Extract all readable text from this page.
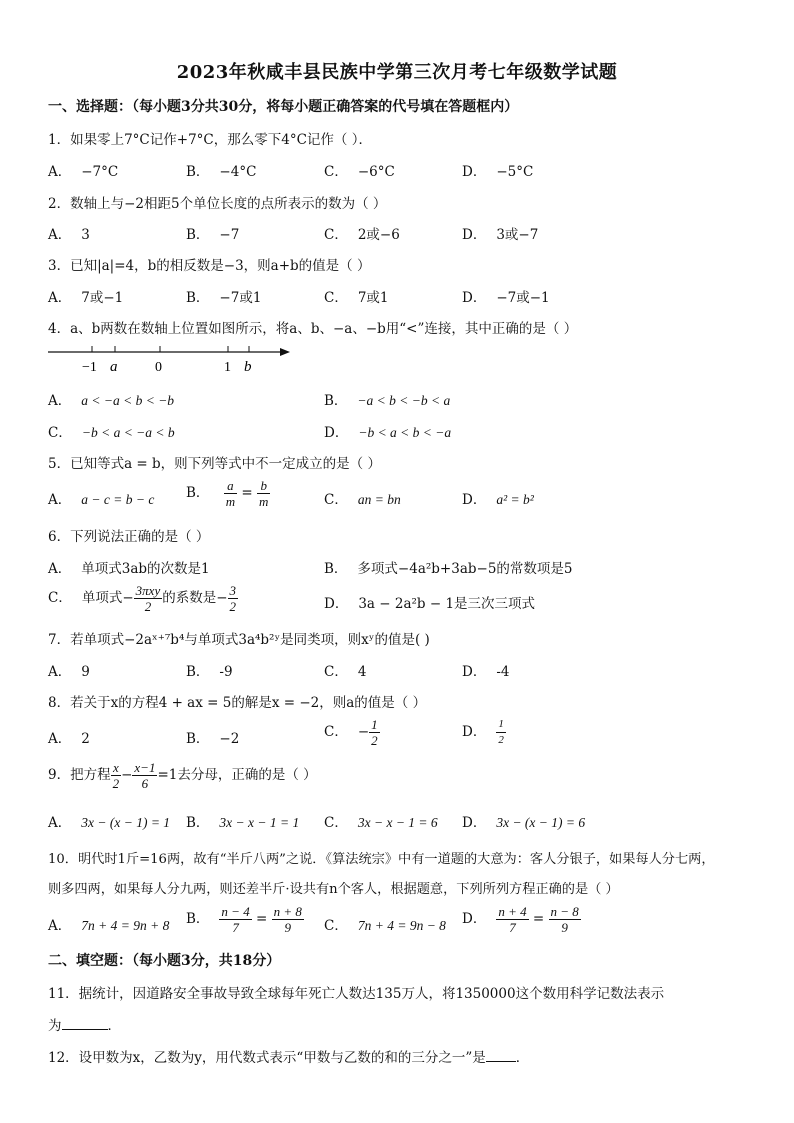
2023年秋咸丰县民族中学第三次月考七年级数学试题
一、选择题：（每小题3分共30分，将每小题正确答案的代号填在答题框内）
1．如果零上7°C记作+7°C，那么零下4°C记作（ ）．
A． −7°C	B． −4°C	C． −6°C	D． −5°C
2．数轴上与−2相距5个单位长度的点所表示的数为（ ）
A． 3	B． −7	C． 2或−6	D． 3或−7
3．已知|a|=4，b的相反数是−3，则a+b的值是（ ）
A． 7或−1	B． −7或1	C． 7或1	D． −7或−1
4．a、b两数在数轴上位置如图所示，将a、b、−a、−b用“<”连接，其中正确的是（ ）
−1 a	0	1 b
A． a < −a < b < −b	B． −a < b < −b < a
C． −b < a < −a < b	D． −b < a < b < −a
5．已知等式a = b，则下列等式中不一定成立的是（ ）
A． a − c = b − c B． $\frac{a}{m} = \frac{b}{m}$	C． an = bn	D． a² = b²
6．下列说法正确的是（ ）
A． 单项式3ab的次数是1	B． 多项式−4a²b+3ab−5的常数项是5
C． 单项式− $\frac{\text{3πxy}}{2}$ 的系数是− $\frac{3}{2}$	D． 3a − 2a²b − 1是三次三项式
7．若单项式−2aˣ⁺⁷b⁴与单项式3a⁴b²ʸ是同类项，则xʸ的值是( )
A． 9	B． -9	C． 4	D． -4
8．若关于x的方程4 + ax = 5的解是x = −2，则a的值是（ ）
A． 2	B． −2	C． − $\frac{1}{2}$	D． $\frac{1}{2}$
9．把方程 $\frac{x}{2} - \frac{x-1}{6} =1$去分母，正确的是（ ）
A． 3x − (x − 1) = 1 B． 3x − x − 1 = 1 C． 3x − x − 1 = 6 D． 3x − (x − 1) = 6
10．明代时1斤=16两，故有“半斤八两”之说．《算法统宗》中有一道题的大意为：客人分银子，如果每人分七两，
则多四两，如果每人分九两，则还差半斤·设共有n个客人，根据题意，下列所列方程正确的是（ ）
A． 7n + 4 = 9n + 8 B． $\frac{n - 4}{7} = \frac{n + 8}{9}$ C． 7n + 4 = 9n − 8 D． $\frac{n + 4}{7} = \frac{n - 8}{9}$
二、填空题：（每小题3分，共18分）
11．据统计，因道路安全事故导致全球每年死亡人数达135万人，将1350000这个数用科学记数法表示
为	．
12．设甲数为x，乙数为y，用代数式表示“甲数与乙数的和的三分之一”是 ．
